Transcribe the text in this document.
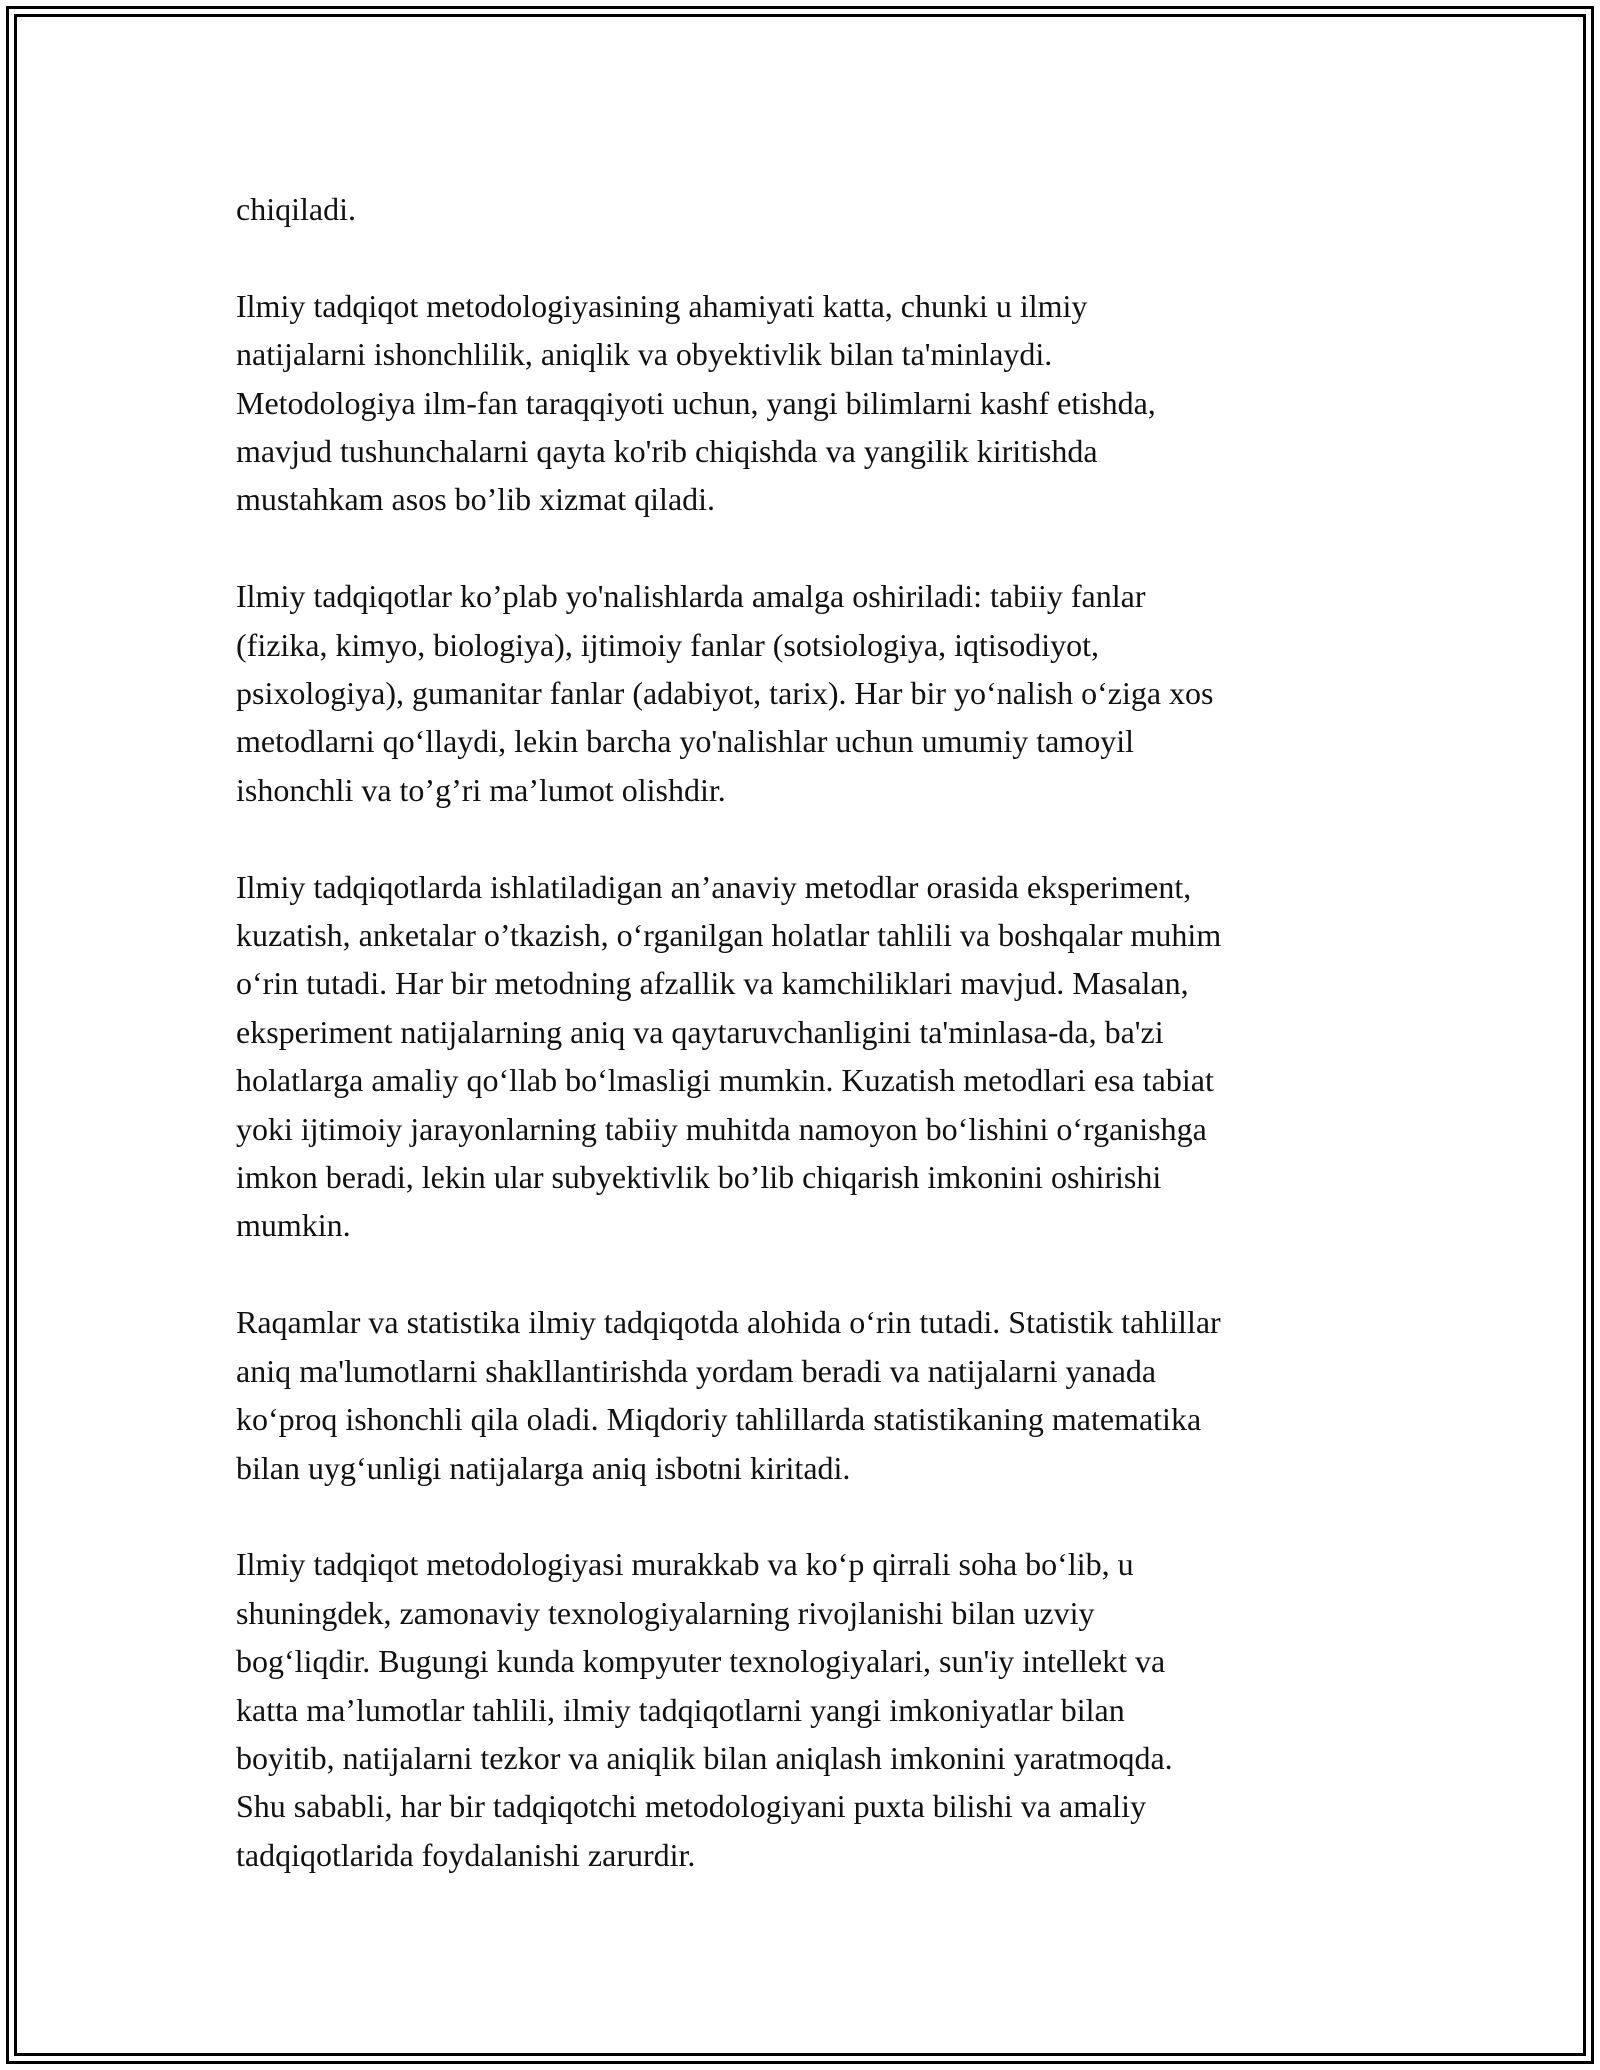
chiqiladi.
Ilmiy tadqiqot metodologiyasining ahamiyati katta, chunki u ilmiy
natijalarni ishonchlilik, aniqlik va obyektivlik bilan ta'minlaydi.
Metodologiya ilm-fan taraqqiyoti uchun, yangi bilimlarni kashf etishda,
mavjud tushunchalarni qayta ko'rib chiqishda va yangilik kiritishda
mustahkam asos bo’lib xizmat qiladi.
Ilmiy tadqiqotlar ko’plab yo'nalishlarda amalga oshiriladi: tabiiy fanlar
(fizika, kimyo, biologiya), ijtimoiy fanlar (sotsiologiya, iqtisodiyot,
psixologiya), gumanitar fanlar (adabiyot, tarix). Har bir yo‘nalish o‘ziga xos
metodlarni qo‘llaydi, lekin barcha yo'nalishlar uchun umumiy tamoyil
ishonchli va to’g’ri ma’lumot olishdir.
Ilmiy tadqiqotlarda ishlatiladigan an’anaviy metodlar orasida eksperiment,
kuzatish, anketalar o’tkazish, o‘rganilgan holatlar tahlili va boshqalar muhim
o‘rin tutadi. Har bir metodning afzallik va kamchiliklari mavjud. Masalan,
eksperiment natijalarning aniq va qaytaruvchanligini ta'minlasa-da, ba'zi
holatlarga amaliy qo‘llab bo‘lmasligi mumkin. Kuzatish metodlari esa tabiat
yoki ijtimoiy jarayonlarning tabiiy muhitda namoyon bo‘lishini o‘rganishga
imkon beradi, lekin ular subyektivlik bo’lib chiqarish imkonini oshirishi
mumkin.
Raqamlar va statistika ilmiy tadqiqotda alohida o‘rin tutadi. Statistik tahlillar
aniq ma'lumotlarni shakllantirishda yordam beradi va natijalarni yanada
ko‘proq ishonchli qila oladi. Miqdoriy tahlillarda statistikaning matematika
bilan uyg‘unligi natijalarga aniq isbotni kiritadi.
Ilmiy tadqiqot metodologiyasi murakkab va ko‘p qirrali soha bo‘lib, u
shuningdek, zamonaviy texnologiyalarning rivojlanishi bilan uzviy
bog‘liqdir. Bugungi kunda kompyuter texnologiyalari, sun'iy intellekt va
katta ma’lumotlar tahlili, ilmiy tadqiqotlarni yangi imkoniyatlar bilan
boyitib, natijalarni tezkor va aniqlik bilan aniqlash imkonini yaratmoqda.
Shu sababli, har bir tadqiqotchi metodologiyani puxta bilishi va amaliy
tadqiqotlarida foydalanishi zarurdir.
